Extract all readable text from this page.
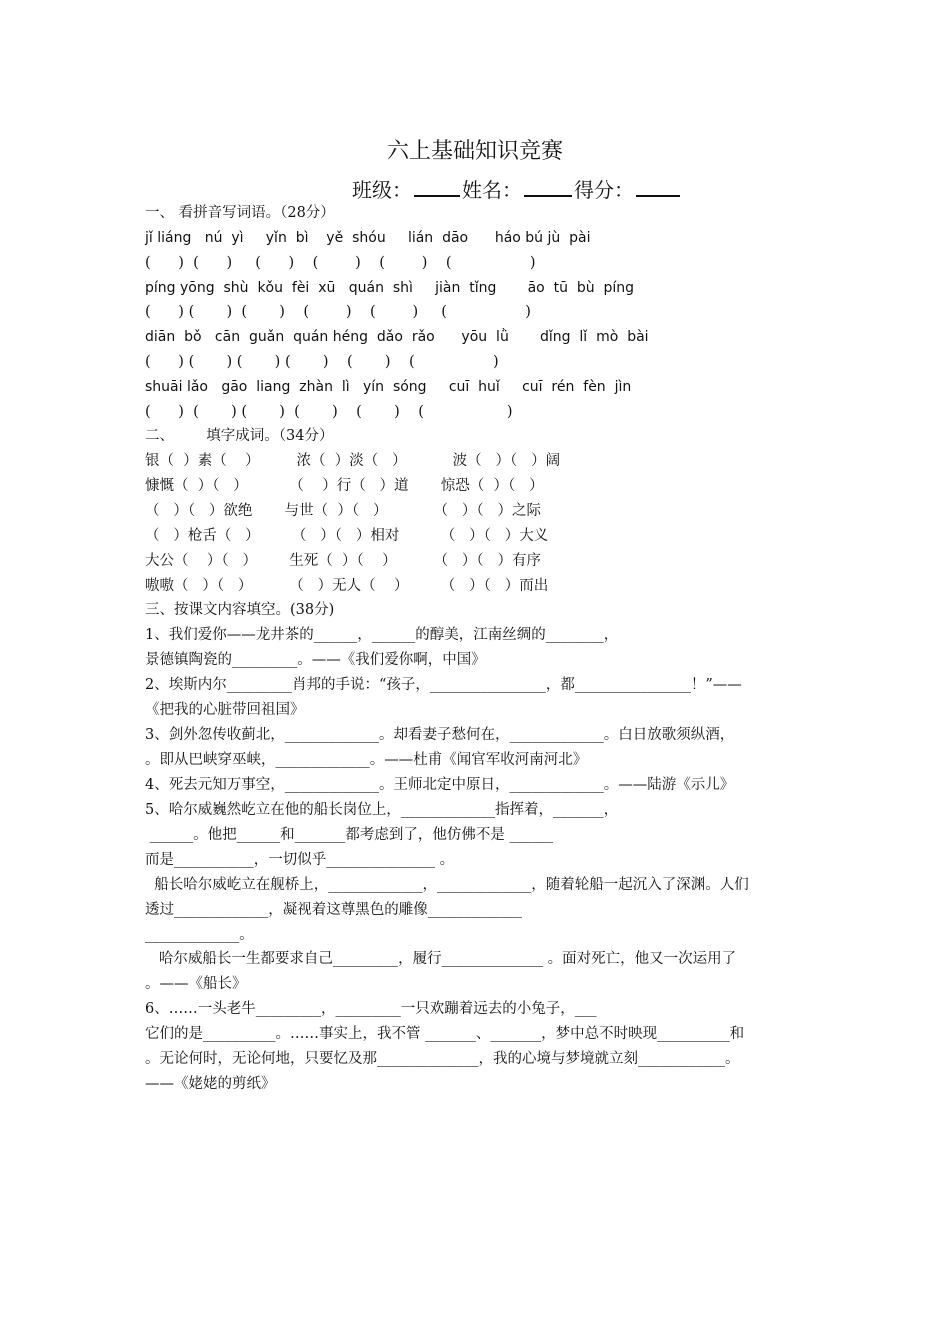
六上基础知识竞赛
班级：	姓名：	得分：
一、 看拼音写词语。（28分）
jǐ liáng   nú  yì     yǐn  bì    yě  shóu     lián  dāo      háo bú jù  pài
(      )  (      )     (      )    (        )    (        )    (                 )
píng yōng  shù  kǒu  fèi  xū   quán  shì     jiàn  tǐng       āo  tū  bù  píng
(      ) (       )  (       )    (        )    (        )     (                 )
diān  bǒ   cān  guǎn  quán héng  dǎo  rǎo      yōu  lǜ       dǐng  lǐ  mò  bài
(      ) (       ) (       ) (       )    (       )    (                 )
shuāi lǎo   gāo  liang  zhàn  lì   yín  sóng     cuī  huǐ     cuī  rén  fèn  jìn
(      )  (       ) (       )  (       )    (       )    (                  )
二、       填字成词。（34分）
银（  ）素（    ）        浓（  ）淡（   ）          波（   ）（   ）阔
慷慨（  ）（   ）         （    ）行（   ）道       惊恐（  ）（   ）
（   ）（   ）欲绝       与世（  ）（   ）          （   ）（   ）之际
（   ）枪舌（   ）       （   ）（   ）相对         （   ）（   ）大义
大公（    ）（   ）       生死（  ）（    ）        （   ）（   ）有序
嗷嗷（   ）（   ）        （   ）无人（    ）       （   ）（   ）而出
三、按课文内容填空。(38分)
1、我们爱你——龙井茶的______，______的醇美，江南丝绸的________，
景德镇陶瓷的_________。——《我们爱你啊，中国》
2、埃斯内尔_________肖邦的手说：“孩子，________________，都________________！”——
《把我的心脏带回祖国》
3、剑外忽传收蓟北，_____________。却看妻子愁何在，_____________。白日放歌须纵酒，
。即从巴峡穿巫峡，_____________。——杜甫《闻官军收河南河北》
4、死去元知万事空，_____________。王师北定中原日，_____________。——陆游《示儿》
5、哈尔威巍然屹立在他的船长岗位上，_____________指挥着，_______，
______。他把______和_______都考虑到了，他仿佛不是 ______
而是___________，一切似乎_______________ 。
船长哈尔威屹立在舰桥上，_____________，_____________，随着轮船一起沉入了深渊。人们
透过_____________，凝视着这尊黑色的雕像_____________
_____________。
哈尔威船长一生都要求自己_________，履行______________ 。面对死亡，他又一次运用了
。——《船长》
6、……一头老牛_________，_________一只欢蹦着远去的小兔子，___
它们的是__________。……事实上，我不管 _______、_______，梦中总不时映现__________和
。无论何时，无论何地，只要忆及那______________，我的心境与梦境就立刻____________。
——《姥姥的剪纸》
